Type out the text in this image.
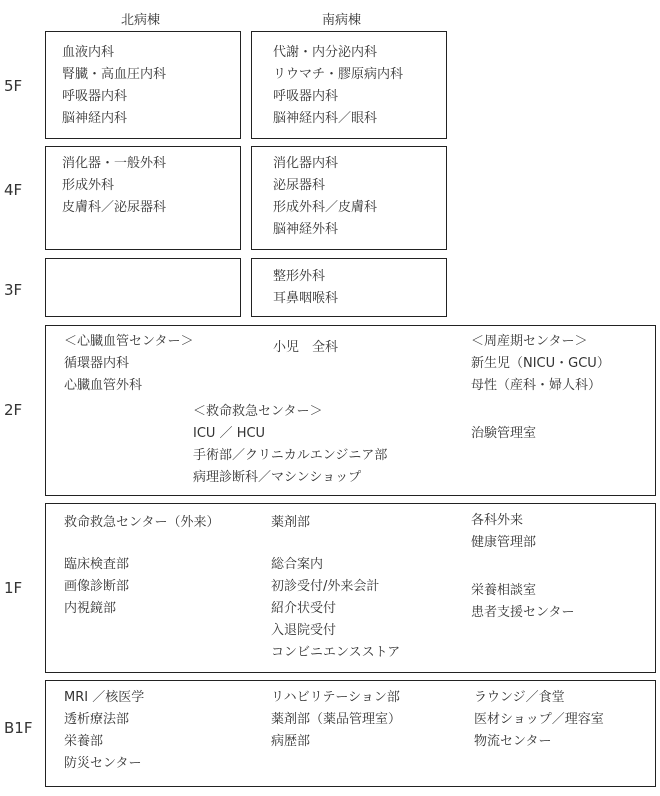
北病棟	南病棟
5F
4F
3F
2F
1F
B1F
血液内科
腎臓・高血圧内科
呼吸器内科
脳神経内科
代謝・内分泌内科
リウマチ・膠原病内科
呼吸器内科
脳神経内科／眼科
消化器・一般外科
形成外科
皮膚科／泌尿器科
消化器内科
泌尿器科
形成外科／皮膚科
脳神経外科
整形外科
耳鼻咽喉科
＜心臓血管センター＞
循環器内科
心臓血管外科
小児　全科	＜周産期センター＞
新生児（NICU・GCU）
母性（産科・婦人科）
＜救命救急センター＞
ICU ／ HCU
手術部／クリニカルエンジニア部
病理診断科／マシンショップ
治験管理室
救命救急センター（外来）
臨床検査部
画像診断部
内視鏡部
薬剤部
総合案内
初診受付/外来会計
紹介状受付
入退院受付
コンビニエンスストア
各科外来
健康管理部
栄養相談室
患者支援センター
MRI ／核医学
透析療法部
栄養部
防災センター
リハビリテーション部
薬剤部（薬品管理室）
病歴部
ラウンジ／食堂
医材ショップ／理容室
物流センター
